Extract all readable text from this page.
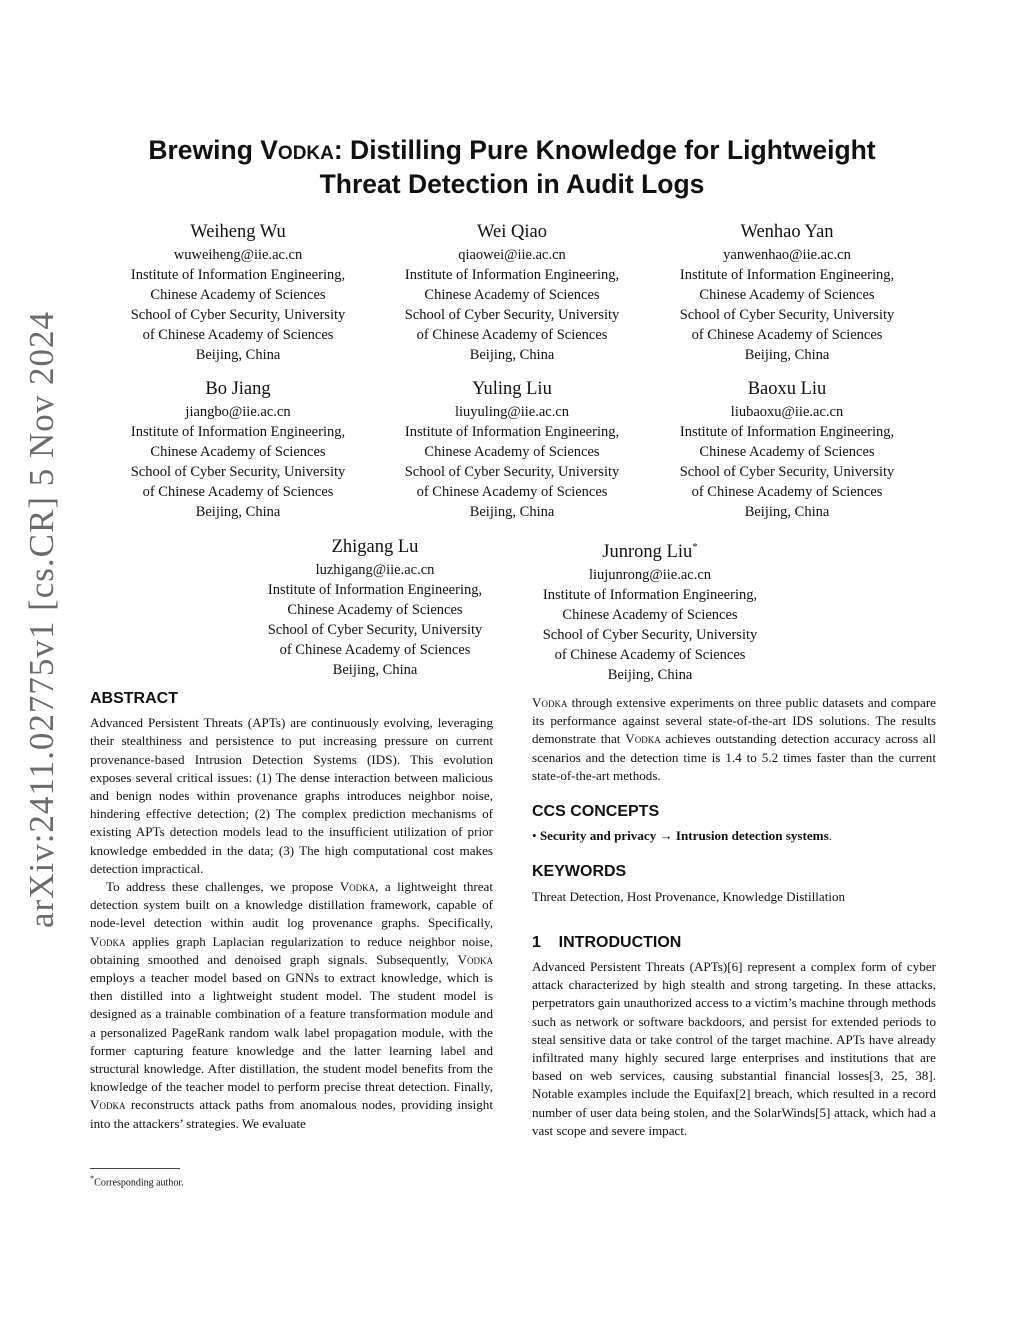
arXiv:2411.02775v1 [cs.CR] 5 Nov 2024
Brewing Vodka: Distilling Pure Knowledge for Lightweight
Threat Detection in Audit Logs
Weiheng Wu
wuweiheng@iie.ac.cn
Institute of Information Engineering,
Chinese Academy of Sciences
School of Cyber Security, University
of Chinese Academy of Sciences
Beijing, China
Wei Qiao
qiaowei@iie.ac.cn
Institute of Information Engineering,
Chinese Academy of Sciences
School of Cyber Security, University
of Chinese Academy of Sciences
Beijing, China
Wenhao Yan
yanwenhao@iie.ac.cn
Institute of Information Engineering,
Chinese Academy of Sciences
School of Cyber Security, University
of Chinese Academy of Sciences
Beijing, China
Bo Jiang
jiangbo@iie.ac.cn
Institute of Information Engineering,
Chinese Academy of Sciences
School of Cyber Security, University
of Chinese Academy of Sciences
Beijing, China
Yuling Liu
liuyuling@iie.ac.cn
Institute of Information Engineering,
Chinese Academy of Sciences
School of Cyber Security, University
of Chinese Academy of Sciences
Beijing, China
Baoxu Liu
liubaoxu@iie.ac.cn
Institute of Information Engineering,
Chinese Academy of Sciences
School of Cyber Security, University
of Chinese Academy of Sciences
Beijing, China
Zhigang Lu
luzhigang@iie.ac.cn
Institute of Information Engineering,
Chinese Academy of Sciences
School of Cyber Security, University
of Chinese Academy of Sciences
Beijing, China
Junrong Liu*
liujunrong@iie.ac.cn
Institute of Information Engineering,
Chinese Academy of Sciences
School of Cyber Security, University
of Chinese Academy of Sciences
Beijing, China

ABSTRACT

Advanced Persistent Threats (APTs) are continuously evolving, leveraging their stealthiness and persistence to put increasing pressure on current provenance-based Intrusion Detection Systems (IDS). This evolution exposes several critical issues: (1) The dense interaction between malicious and benign nodes within provenance graphs introduces neighbor noise, hindering effective detection; (2) The complex prediction mechanisms of existing APTs detection models lead to the insufficient utilization of prior knowledge embedded in the data; (3) The high computational cost makes detection impractical.

To address these challenges, we propose Vodka, a lightweight threat detection system built on a knowledge distillation framework, capable of node-level detection within audit log provenance graphs. Specifically, Vodka applies graph Laplacian regularization to reduce neighbor noise, obtaining smoothed and denoised graph signals. Subsequently, Vodka employs a teacher model based on GNNs to extract knowledge, which is then distilled into a lightweight student model. The student model is designed as a trainable combination of a feature transformation module and a personalized PageRank random walk label propagation module, with the former capturing feature knowledge and the latter learning label and structural knowledge. After distillation, the student model benefits from the knowledge of the teacher model to perform precise threat detection. Finally, Vodka reconstructs attack paths from anomalous nodes, providing insight into the attackers’ strategies. We evaluate

*Corresponding author.

Vodka through extensive experiments on three public datasets and compare its performance against several state-of-the-art IDS solutions. The results demonstrate that Vodka achieves outstanding detection accuracy across all scenarios and the detection time is 1.4 to 5.2 times faster than the current state-of-the-art methods.

CCS CONCEPTS

• Security and privacy → Intrusion detection systems.

KEYWORDS

Threat Detection, Host Provenance, Knowledge Distillation

1    INTRODUCTION

Advanced Persistent Threats (APTs)[6] represent a complex form of cyber attack characterized by high stealth and strong targeting. In these attacks, perpetrators gain unauthorized access to a victim’s machine through methods such as network or software backdoors, and persist for extended periods to steal sensitive data or take control of the target machine. APTs have already infiltrated many highly secured large enterprises and institutions that are based on web services, causing substantial financial losses[3, 25, 38]. Notable examples include the Equifax[2] breach, which resulted in a record number of user data being stolen, and the SolarWinds[5] attack, which had a vast scope and severe impact.
